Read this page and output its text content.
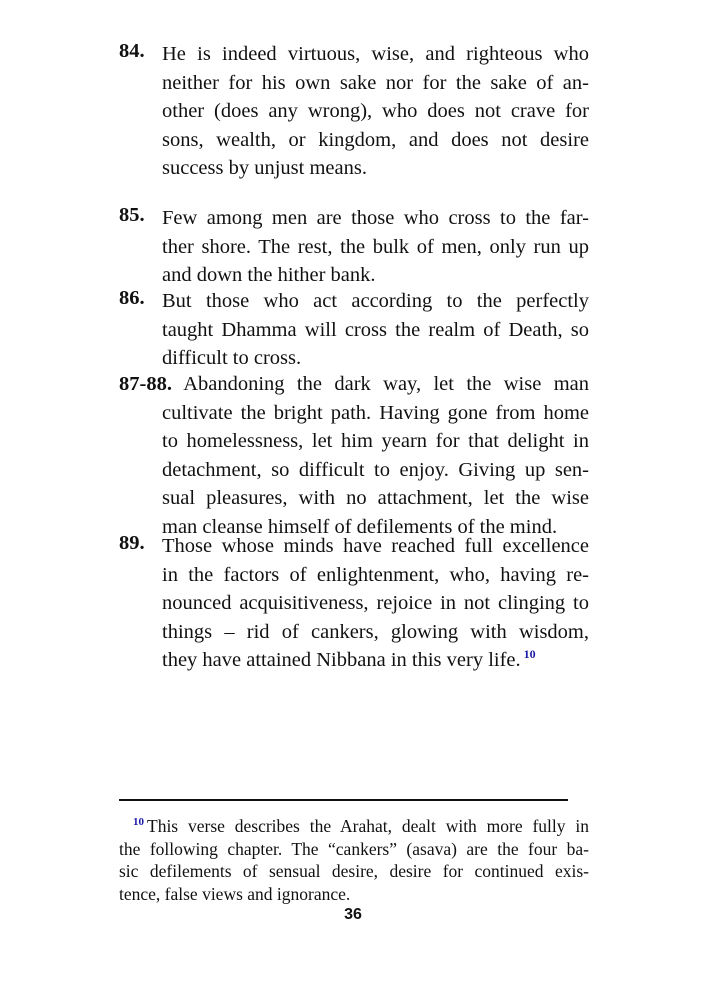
84. He is indeed virtuous, wise, and righteous who
neither for his own sake nor for the sake of an-
other (does any wrong), who does not crave for
sons, wealth, or kingdom, and does not desire
success by unjust means.
85. Few among men are those who cross to the far-
ther shore. The rest, the bulk of men, only run up
and down the hither bank.
86. But those who act according to the perfectly
taught Dhamma will cross the realm of Death, so
difficult to cross.
87-88. Abandoning the dark way, let the wise man
cultivate the bright path. Having gone from home
to homelessness, let him yearn for that delight in
detachment, so difficult to enjoy. Giving up sen-
sual pleasures, with no attachment, let the wise
man cleanse himself of defilements of the mind.
89. Those whose minds have reached full excellence
in the factors of enlightenment, who, having re-
nounced acquisitiveness, rejoice in not clinging to
things – rid of cankers, glowing with wisdom,
they have attained Nibbana in this very life. $^{10}$
$^{10}$ This verse describes the Arahat, dealt with more fully in
the following chapter. The “cankers” (asava) are the four ba-
sic defilements of sensual desire, desire for continued exis-
tence, false views and ignorance.
36
